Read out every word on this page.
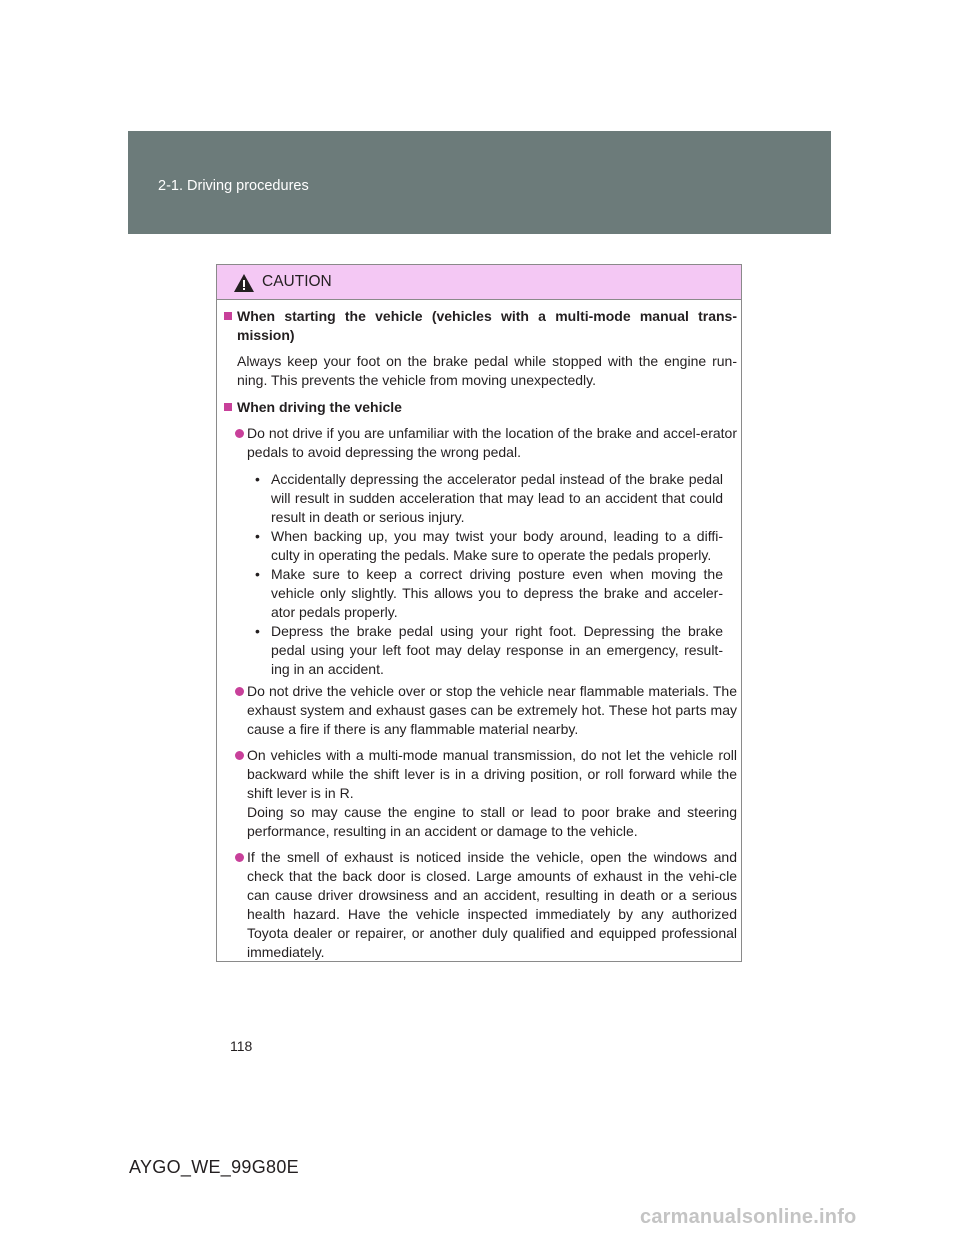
2-1. Driving procedures
CAUTION
When starting the vehicle (vehicles with a multi-mode manual trans-mission)
Always keep your foot on the brake pedal while stopped with the engine run-ning. This prevents the vehicle from moving unexpectedly.
When driving the vehicle
Do not drive if you are unfamiliar with the location of the brake and accel-erator pedals to avoid depressing the wrong pedal.
• Accidentally depressing the accelerator pedal instead of the brake pedal will result in sudden acceleration that may lead to an accident that could result in death or serious injury.
• When backing up, you may twist your body around, leading to a diffi-culty in operating the pedals. Make sure to operate the pedals properly.
• Make sure to keep a correct driving posture even when moving the vehicle only slightly. This allows you to depress the brake and acceler-ator pedals properly.
• Depress the brake pedal using your right foot. Depressing the brake pedal using your left foot may delay response in an emergency, result-ing in an accident.
Do not drive the vehicle over or stop the vehicle near flammable materials. The exhaust system and exhaust gases can be extremely hot. These hot parts may cause a fire if there is any flammable material nearby.
On vehicles with a multi-mode manual transmission, do not let the vehicle roll backward while the shift lever is in a driving position, or roll forward while the shift lever is in R.
Doing so may cause the engine to stall or lead to poor brake and steering performance, resulting in an accident or damage to the vehicle.
If the smell of exhaust is noticed inside the vehicle, open the windows and check that the back door is closed. Large amounts of exhaust in the vehi-cle can cause driver drowsiness and an accident, resulting in death or a serious health hazard. Have the vehicle inspected immediately by any authorized Toyota dealer or repairer, or another duly qualified and equipped professional immediately.
118
AYGO_WE_99G80E
carmanualsonline.info
